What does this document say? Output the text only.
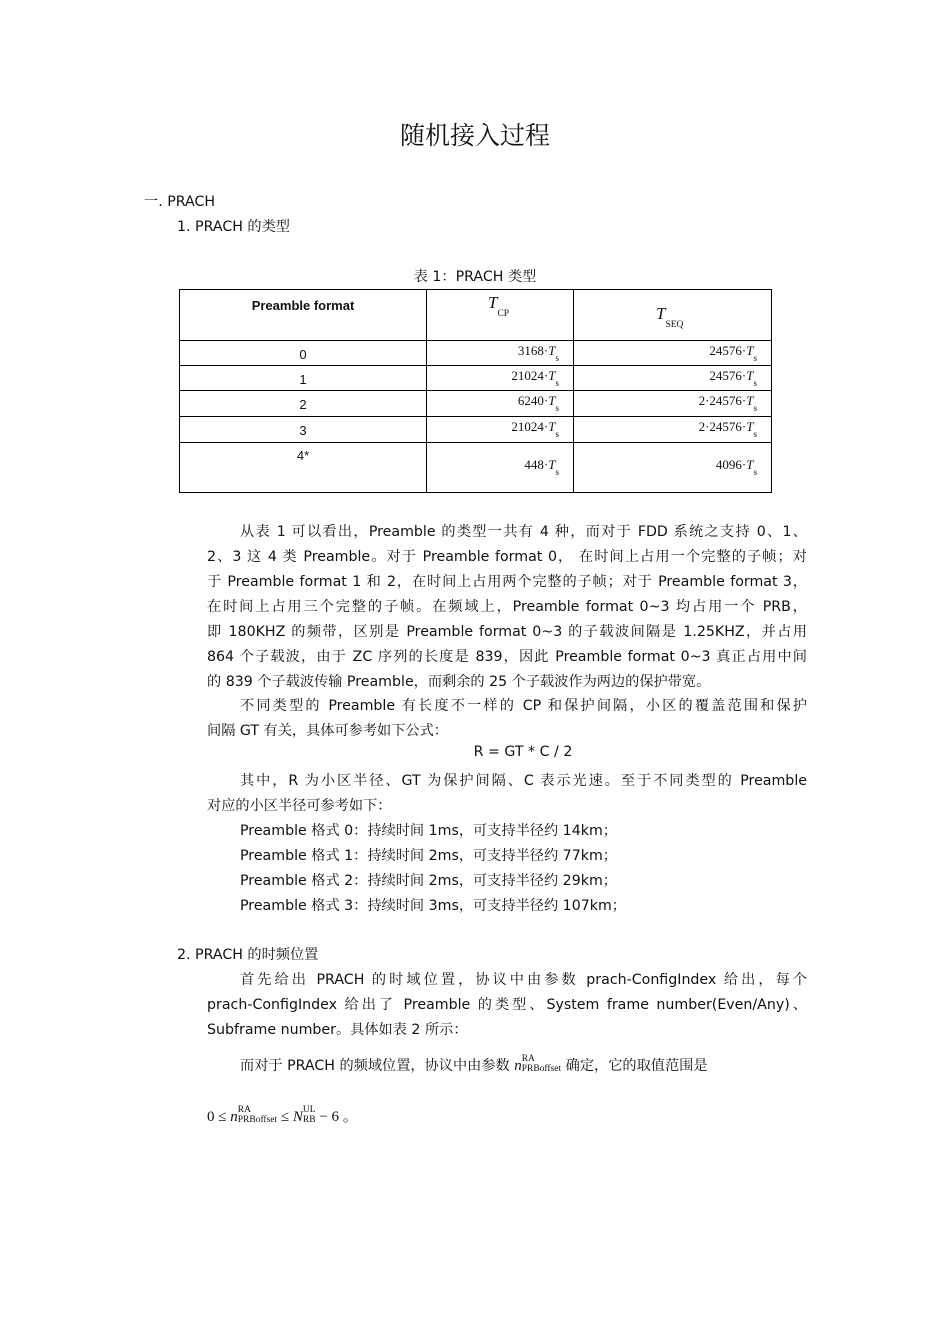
随机接入过程
一. PRACH
1. PRACH 的类型
表 1：PRACH 类型
Preamble format	$T_{CP}$	$T_{SEQ}$
0	$3168\cdot T_s$	$24576\cdot T_s$
1	$21024\cdot T_s$	$24576\cdot T_s$
2	$6240\cdot T_s$	$2\cdot 24576\cdot T_s$
3	$21024\cdot T_s$	$2\cdot 24576\cdot T_s$
4*	$448\cdot T_s$	$4096\cdot T_s$
从表 1 可以看出，Preamble 的类型一共有 4 种，而对于 FDD 系统之支持 0、1、
2、3 这 4 类 Preamble。对于 Preamble format 0， 在时间上占用一个完整的子帧；对
于 Preamble format 1 和 2，在时间上占用两个完整的子帧；对于 Preamble format 3，
在时间上占用三个完整的子帧。在频域上，Preamble format 0~3 均占用一个 PRB，
即 180KHZ 的频带，区别是 Preamble format 0~3 的子载波间隔是 1.25KHZ，并占用
864 个子载波，由于 ZC 序列的长度是 839，因此 Preamble format 0~3 真正占用中间
的 839 个子载波传输 Preamble，而剩余的 25 个子载波作为两边的保护带宽。
不同类型的 Preamble 有长度不一样的 CP 和保护间隔，小区的覆盖范围和保护
间隔 GT 有关，具体可参考如下公式：
R = GT * C / 2
其中，R 为小区半径、GT 为保护间隔、C 表示光速。至于不同类型的 Preamble
对应的小区半径可参考如下：
Preamble 格式 0：持续时间 1ms，可支持半径约 14km；
Preamble 格式 1：持续时间 2ms，可支持半径约 77km；
Preamble 格式 2：持续时间 2ms，可支持半径约 29km；
Preamble 格式 3：持续时间 3ms，可支持半径约 107km；
2. PRACH 的时频位置
首先给出 PRACH 的时域位置，协议中由参数 prach-ConfigIndex 给出，每个
prach-ConfigIndex 给出了 Preamble 的类型、System frame number(Even/Any)、
Subframe number。具体如表 2 所示：
而对于 PRACH 的频域位置，协议中由参数 nRA
PRBoffset 确定，它的取值范围是
0 ≤ nRA
PRBoffset ≤ NUL
RB − 6 。
